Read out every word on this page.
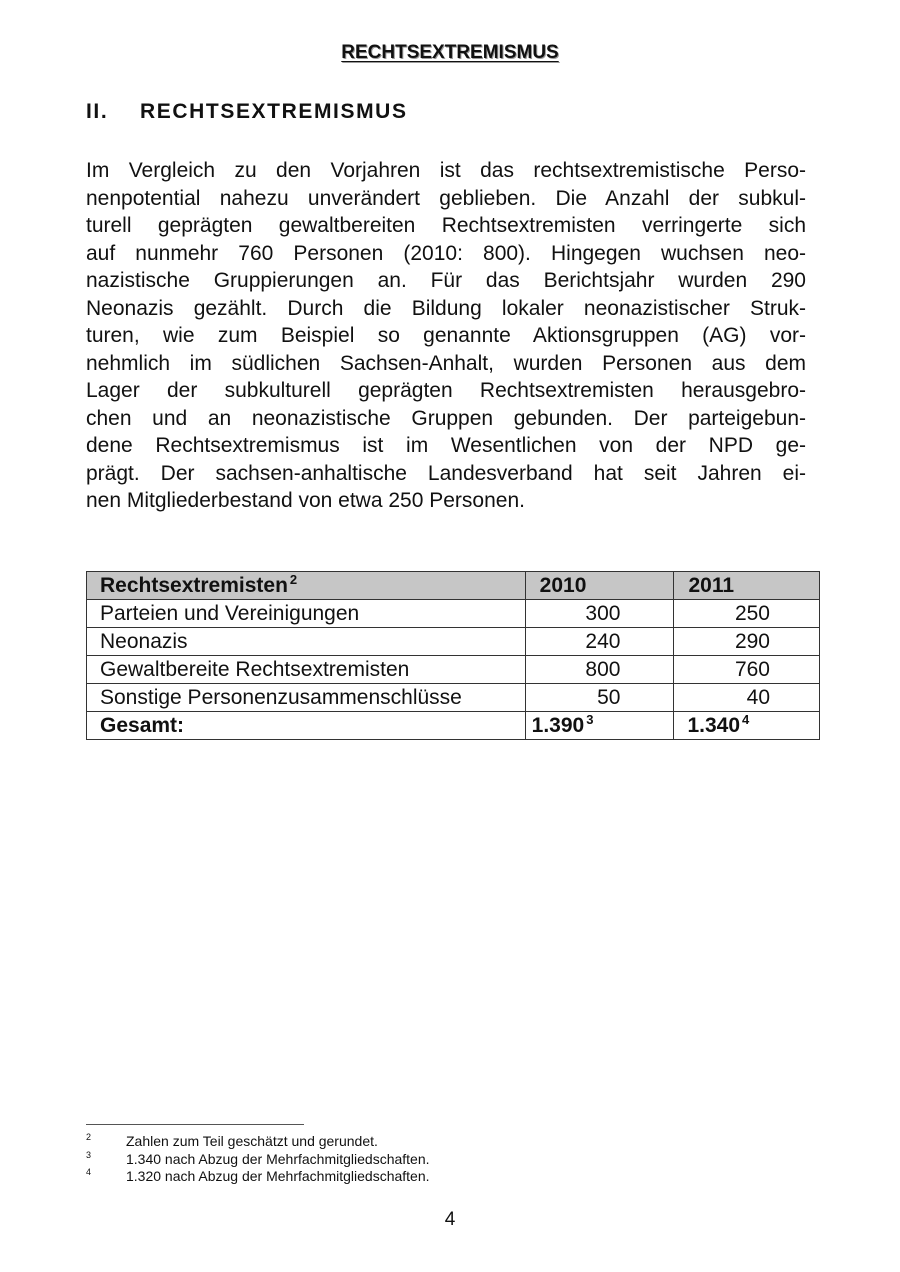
RECHTSEXTREMISMUS
II. RECHTSEXTREMISMUS

Im Vergleich zu den Vorjahren ist das rechtsextremistische Perso-
nenpotential nahezu unverändert geblieben. Die Anzahl der subkul-
turell geprägten gewaltbereiten Rechtsextremisten verringerte sich
auf nunmehr 760 Personen (2010: 800). Hingegen wuchsen neo-
nazistische Gruppierungen an. Für das Berichtsjahr wurden 290
Neonazis gezählt. Durch die Bildung lokaler neonazistischer Struk-
turen, wie zum Beispiel so genannte Aktionsgruppen (AG) vor-
nehmlich im südlichen Sachsen-Anhalt, wurden Personen aus dem
Lager der subkulturell geprägten Rechtsextremisten herausgebro-
chen und an neonazistische Gruppen gebunden. Der parteigebun-
dene Rechtsextremismus ist im Wesentlichen von der NPD ge-
prägt. Der sachsen-anhaltische Landesverband hat seit Jahren ei-
nen Mitgliederbestand von etwa 250 Personen.

Rechtsextremisten $^2$	2010	2011
Parteien und Vereinigungen	300	250
Neonazis	240	290
Gewaltbereite Rechtsextremisten	800	760
Sonstige Personenzusammenschlüsse	50	40
Gesamt:	1.390 $^3$	1.340 $^4$
2 Zahlen zum Teil geschätzt und gerundet.
3 1.340 nach Abzug der Mehrfachmitgliedschaften.
4 1.320 nach Abzug der Mehrfachmitgliedschaften.
4
